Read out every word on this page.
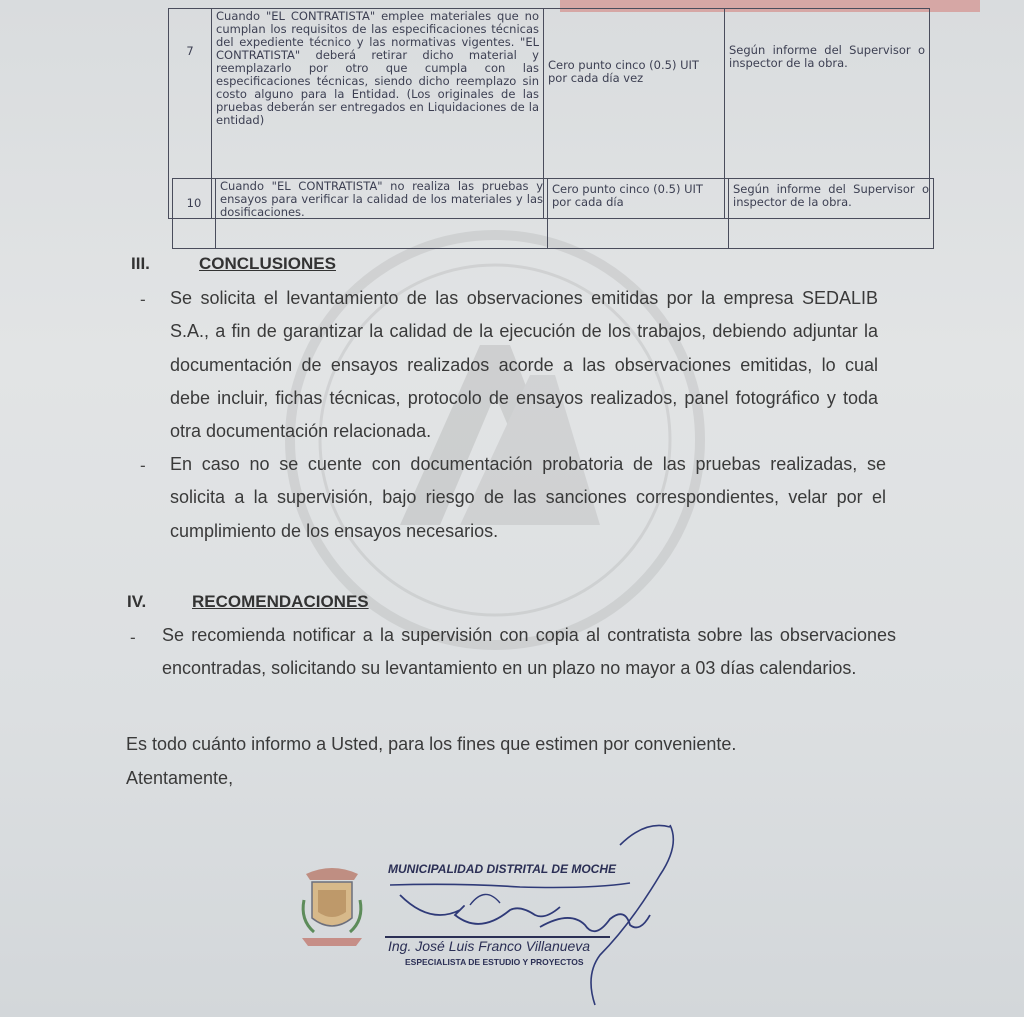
7	Cuando "EL CONTRATISTA" emplee materiales que no cumplan los requisitos de las especificaciones técnicas del expediente técnico y las normativas vigentes. "EL CONTRATISTA" deberá retirar dicho material y reemplazarlo por otro que cumpla con las especificaciones técnicas, siendo dicho reemplazo sin costo alguno para la Entidad. (Los originales de las pruebas deberán ser entregados en Liquidaciones de la entidad)	Cero punto cinco (0.5) UIT por cada día vez	Según informe del Supervisor o inspector de la obra.
10	Cuando "EL CONTRATISTA" no realiza las pruebas y ensayos para verificar la calidad de los materiales y las dosificaciones.	Cero punto cinco (0.5) UIT por cada día	Según informe del Supervisor o inspector de la obra.
III.	CONCLUSIONES
- Se solicita el levantamiento de las observaciones emitidas por la empresa SEDALIB S.A., a fin de garantizar la calidad de la ejecución de los trabajos, debiendo adjuntar la documentación de ensayos realizados acorde a las observaciones emitidas, lo cual debe incluir, fichas técnicas, protocolo de ensayos realizados, panel fotográfico y toda otra documentación relacionada.
- En caso no se cuente con documentación probatoria de las pruebas realizadas, se solicita a la supervisión, bajo riesgo de las sanciones correspondientes, velar por el cumplimiento de los ensayos necesarios.
IV.	RECOMENDACIONES
- Se recomienda notificar a la supervisión con copia al contratista sobre las observaciones encontradas, solicitando su levantamiento en un plazo no mayor a 03 días calendarios.
Es todo cuánto informo a Usted, para los fines que estimen por conveniente.
Atentamente,
MUNICIPALIDAD DISTRITAL DE MOCHE
Ing. José Luis Franco Villanueva
ESPECIALISTA DE ESTUDIO Y PROYECTOS
